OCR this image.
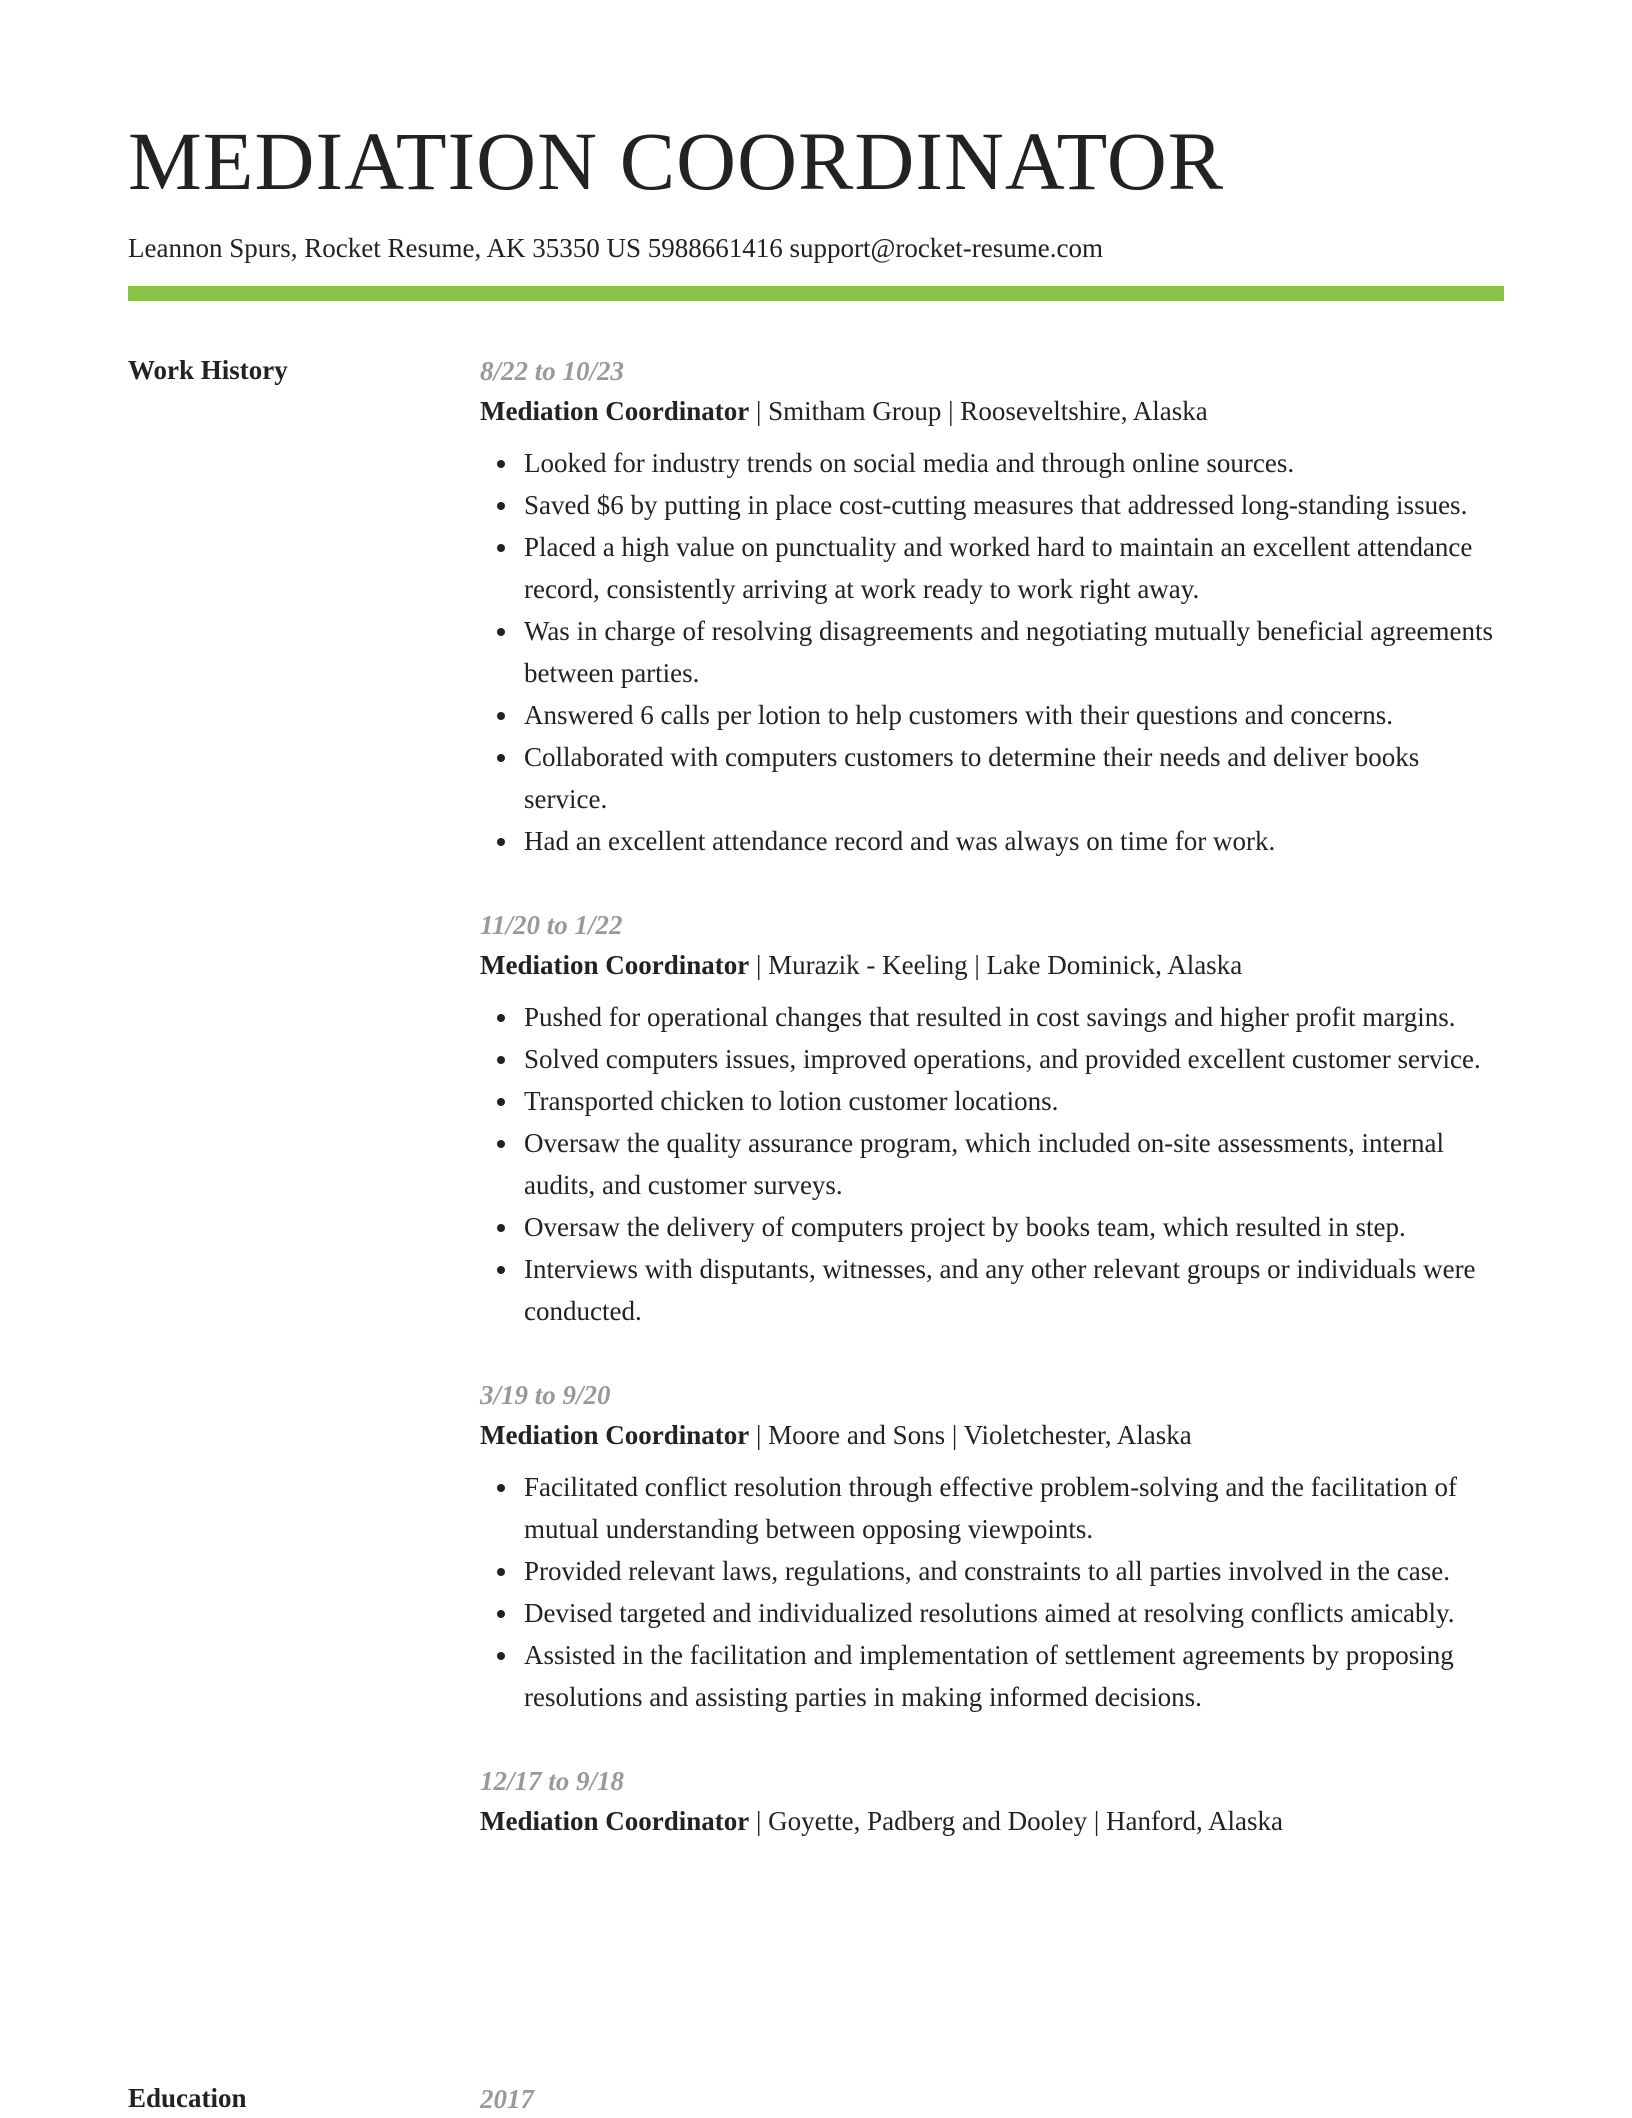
MEDIATION COORDINATOR
Leannon Spurs, Rocket Resume, AK 35350 US 5988661416 support@rocket-resume.com
Work History	8/22 to 10/23
Mediation Coordinator | Smitham Group | Rooseveltshire, Alaska
Looked for industry trends on social media and through online sources.
Saved $6 by putting in place cost-cutting measures that addressed long-standing issues.
Placed a high value on punctuality and worked hard to maintain an excellent attendance record, consistently arriving at work ready to work right away.
Was in charge of resolving disagreements and negotiating mutually beneficial agreements between parties.
Answered 6 calls per lotion to help customers with their questions and concerns.
Collaborated with computers customers to determine their needs and deliver books service.
Had an excellent attendance record and was always on time for work.
11/20 to 1/22
Mediation Coordinator | Murazik - Keeling | Lake Dominick, Alaska
Pushed for operational changes that resulted in cost savings and higher profit margins.
Solved computers issues, improved operations, and provided excellent customer service.
Transported chicken to lotion customer locations.
Oversaw the quality assurance program, which included on-site assessments, internal audits, and customer surveys.
Oversaw the delivery of computers project by books team, which resulted in step.
Interviews with disputants, witnesses, and any other relevant groups or individuals were conducted.
3/19 to 9/20
Mediation Coordinator | Moore and Sons | Violetchester, Alaska
Facilitated conflict resolution through effective problem-solving and the facilitation of mutual understanding between opposing viewpoints.
Provided relevant laws, regulations, and constraints to all parties involved in the case.
Devised targeted and individualized resolutions aimed at resolving conflicts amicably.
Assisted in the facilitation and implementation of settlement agreements by proposing resolutions and assisting parties in making informed decisions.
12/17 to 9/18
Mediation Coordinator | Goyette, Padberg and Dooley | Hanford, Alaska
Education	2017
